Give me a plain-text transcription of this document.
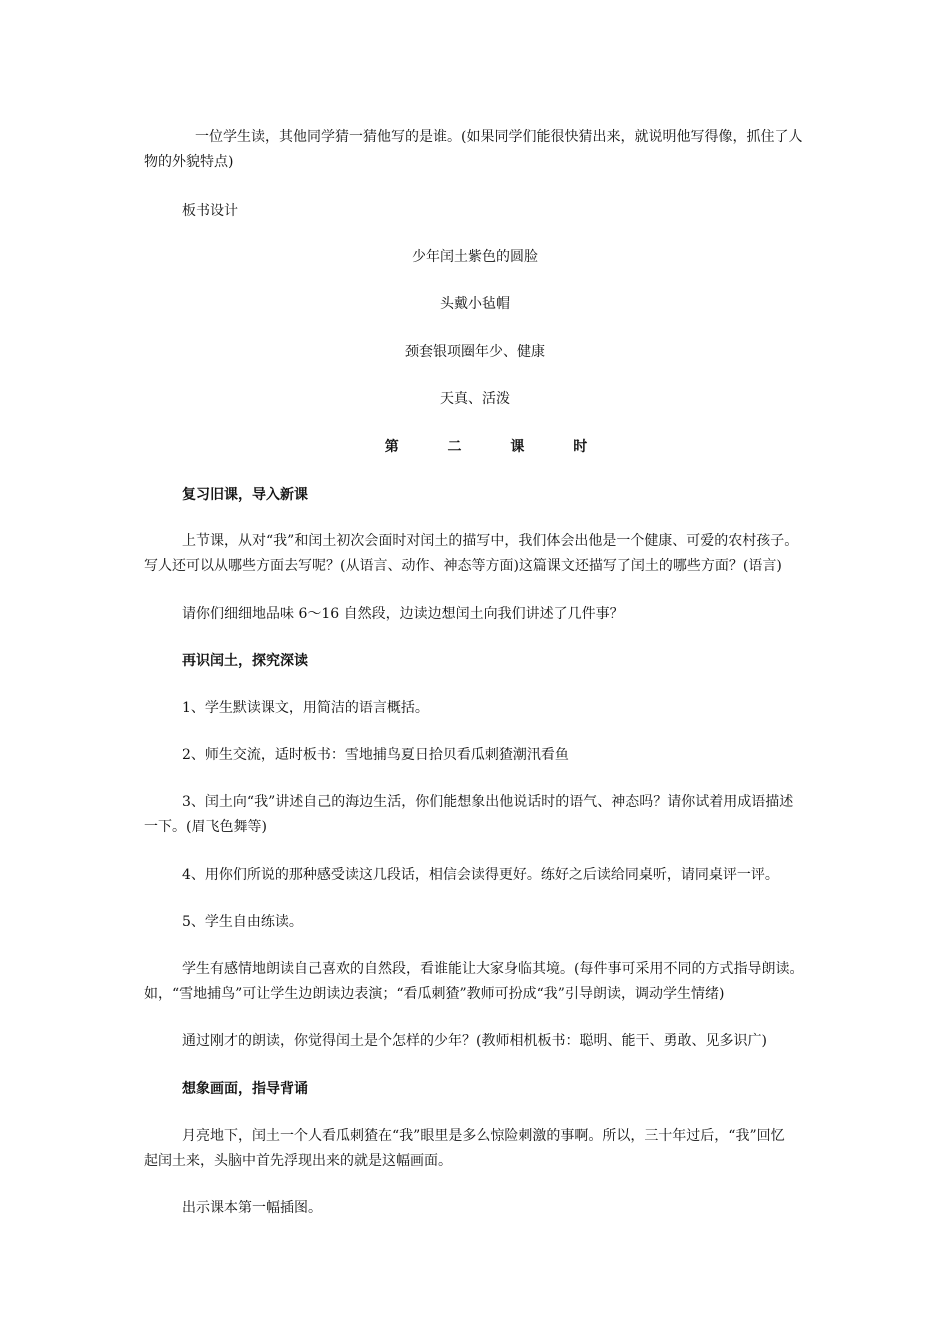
一位学生读，其他同学猜一猜他写的是谁。(如果同学们能很快猜出来，就说明他写得像，抓住了人
物的外貌特点)
板书设计
少年闰土紫色的圆脸
头戴小毡帽
颈套银项圈年少、健康
天真、活泼
第 二 课 时
复习旧课，导入新课
上节课，从对“我”和闰土初次会面时对闰土的描写中，我们体会出他是一个健康、可爱的农村孩子。
写人还可以从哪些方面去写呢？(从语言、动作、神态等方面)这篇课文还描写了闰土的哪些方面？(语言)
请你们细细地品味 6～16 自然段，边读边想闰土向我们讲述了几件事？
再识闰土，探究深读
1、学生默读课文，用简洁的语言概括。
2、师生交流，适时板书：雪地捕鸟夏日拾贝看瓜刺猹潮汛看鱼
3、闰土向“我”讲述自己的海边生活，你们能想象出他说话时的语气、神态吗？请你试着用成语描述
一下。(眉飞色舞等)
4、用你们所说的那种感受读这几段话，相信会读得更好。练好之后读给同桌听，请同桌评一评。
5、学生自由练读。
学生有感情地朗读自己喜欢的自然段，看谁能让大家身临其境。(每件事可采用不同的方式指导朗读。
如，“雪地捕鸟”可让学生边朗读边表演；“看瓜刺猹”教师可扮成“我”引导朗读，调动学生情绪)
通过刚才的朗读，你觉得闰土是个怎样的少年？(教师相机板书：聪明、能干、勇敢、见多识广)
想象画面，指导背诵
月亮地下，闰土一个人看瓜刺猹在“我”眼里是多么惊险刺激的事啊。所以，三十年过后，“我”回忆
起闰土来，头脑中首先浮现出来的就是这幅画面。
出示课本第一幅插图。
